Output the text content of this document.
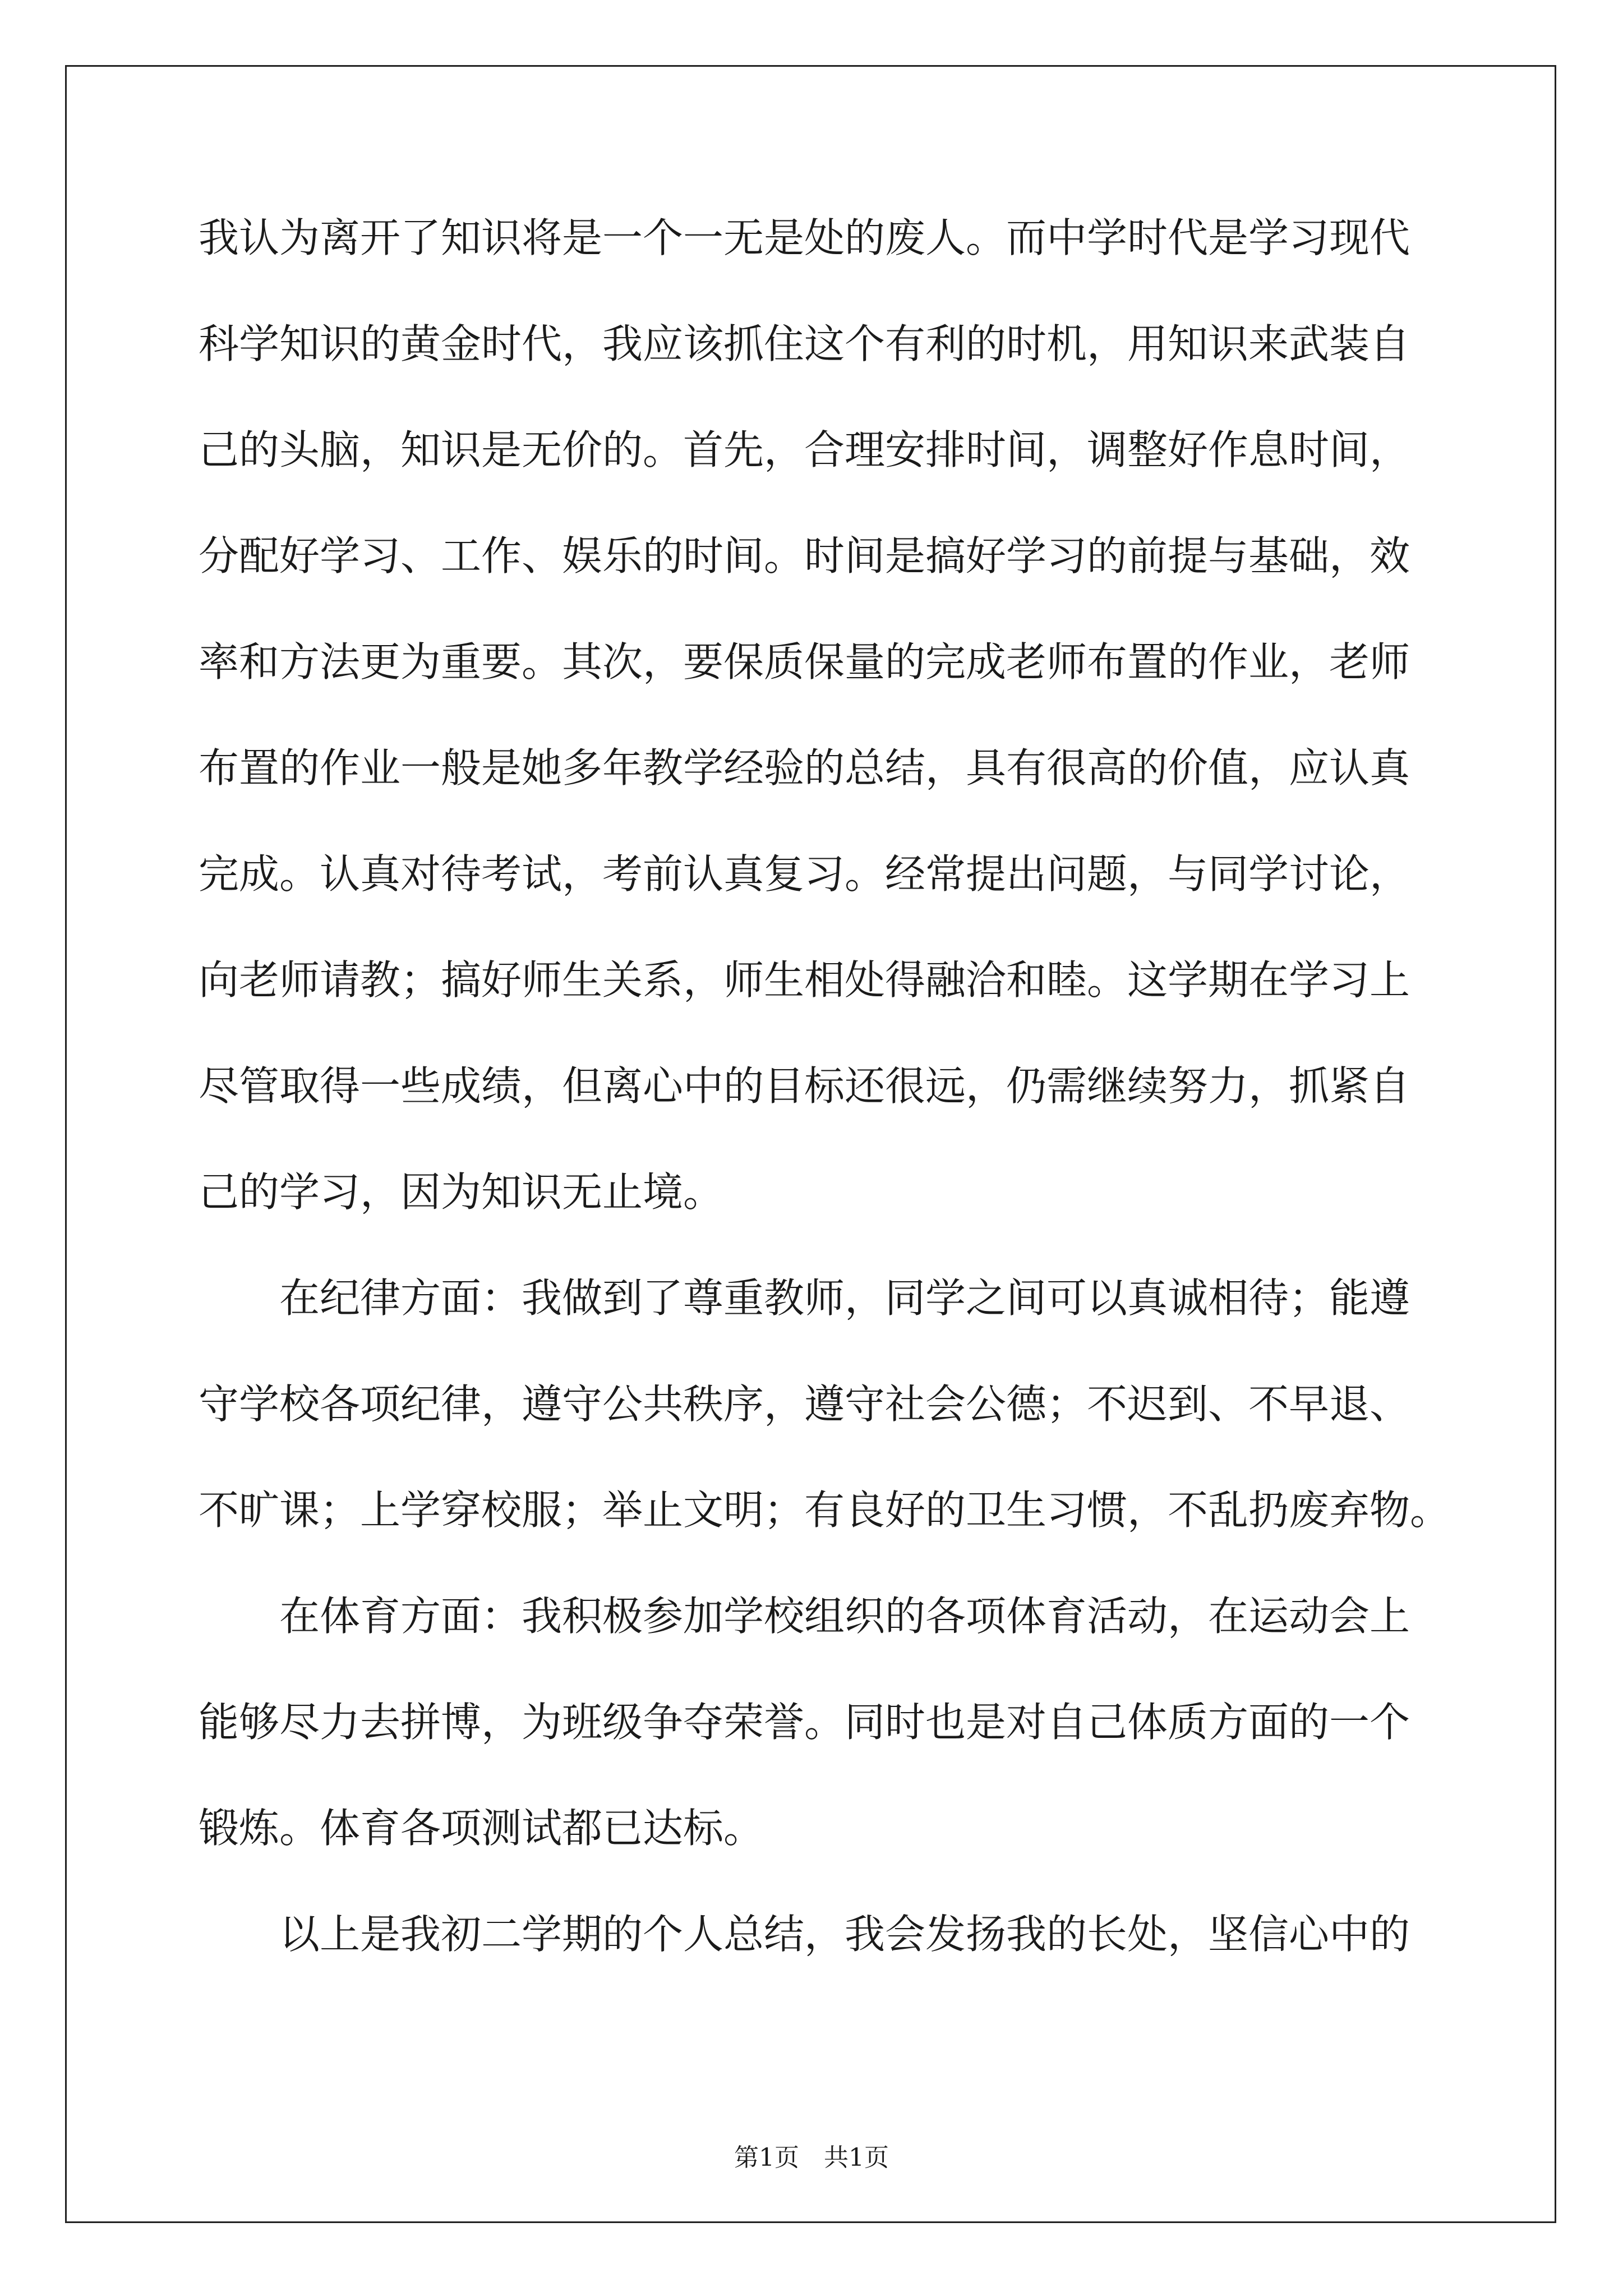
我认为离开了知识将是一个一无是处的废人。而中学时代是学习现代
科学知识的黄金时代，我应该抓住这个有利的时机，用知识来武装自
己的头脑，知识是无价的。首先，合理安排时间，调整好作息时间，
分配好学习、工作、娱乐的时间。时间是搞好学习的前提与基础，效
率和方法更为重要。其次，要保质保量的完成老师布置的作业，老师
布置的作业一般是她多年教学经验的总结，具有很高的价值，应认真
完成。认真对待考试，考前认真复习。经常提出问题，与同学讨论，
向老师请教；搞好师生关系，师生相处得融洽和睦。这学期在学习上
尽管取得一些成绩，但离心中的目标还很远，仍需继续努力，抓紧自
己的学习，因为知识无止境。
　　在纪律方面：我做到了尊重教师，同学之间可以真诚相待；能遵
守学校各项纪律，遵守公共秩序，遵守社会公德；不迟到、不早退、
不旷课；上学穿校服；举止文明；有良好的卫生习惯，不乱扔废弃物。
　　在体育方面：我积极参加学校组织的各项体育活动，在运动会上
能够尽力去拼博，为班级争夺荣誉。同时也是对自己体质方面的一个
锻炼。体育各项测试都已达标。
　　以上是我初二学期的个人总结，我会发扬我的长处，坚信心中的
第1页　共1页
